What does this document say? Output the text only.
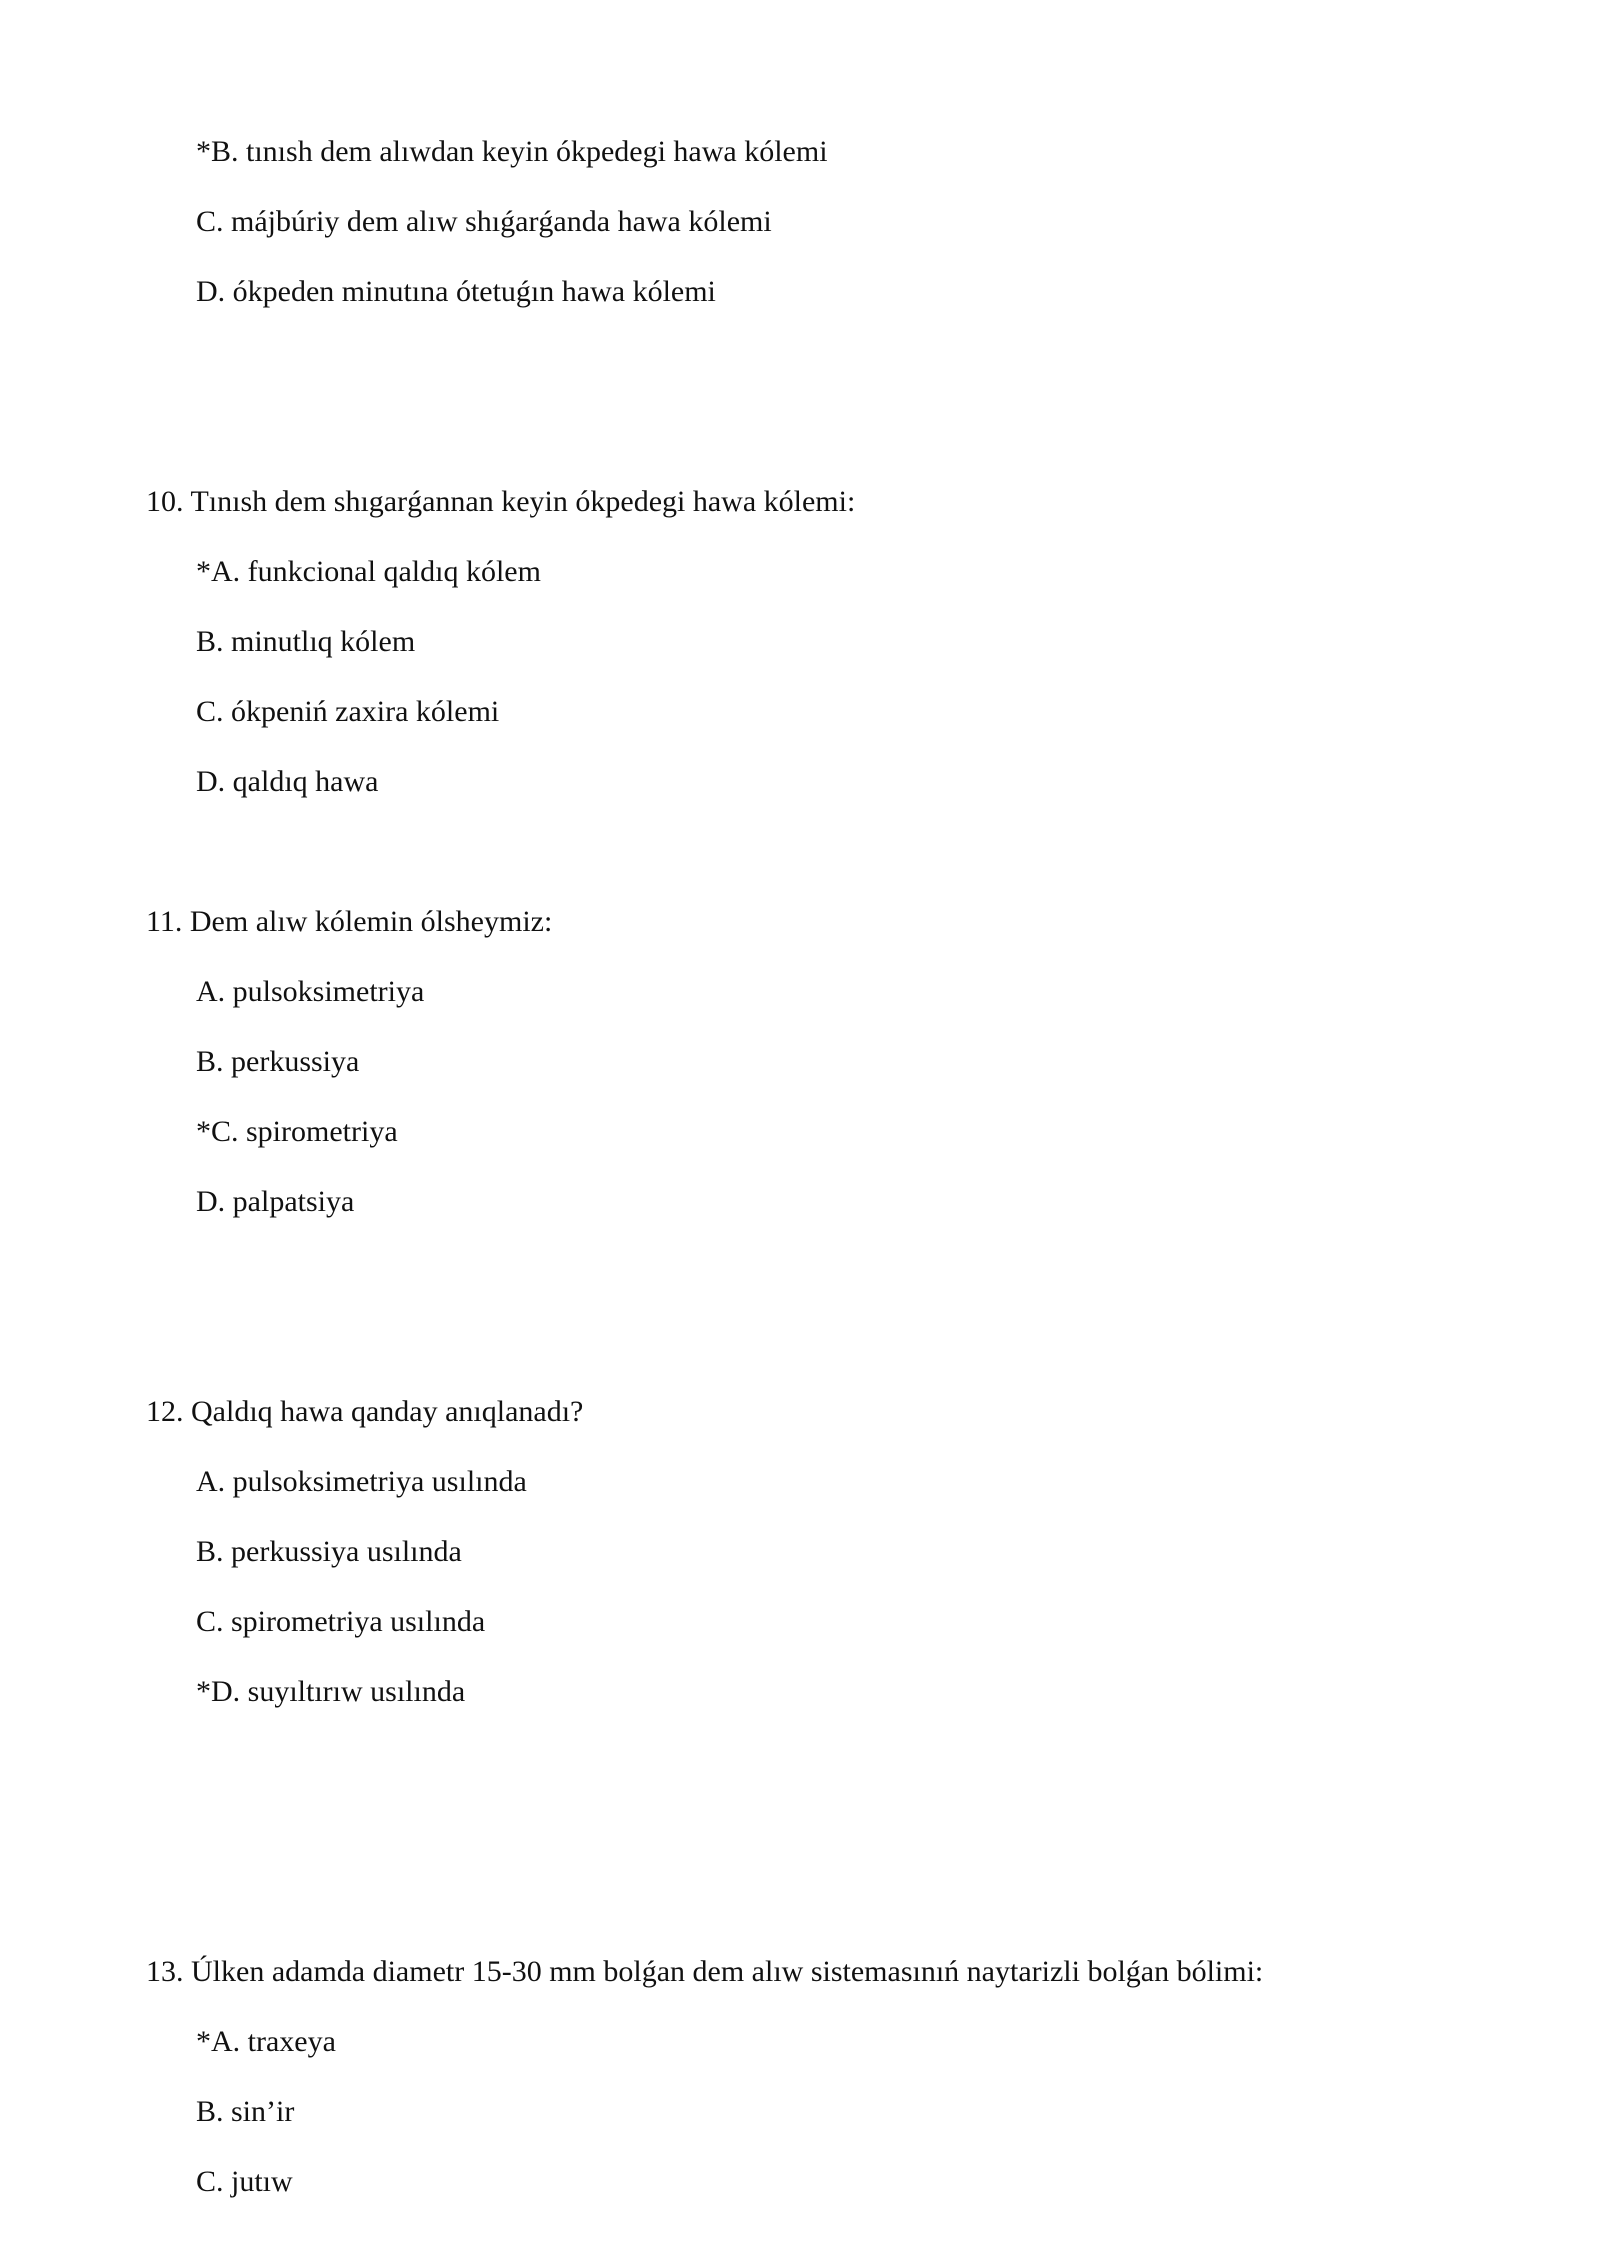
*B. tınısh dem alıwdan keyin ókpedegi hawa kólemi
C. májbúriy dem alıw shıǵarǵanda hawa kólemi
D. ókpeden minutına ótetuǵın hawa kólemi
10. Tınısh dem shıgarǵannan keyin ókpedegi hawa kólemi:
*A. funkcional qaldıq kólem
B. minutlıq kólem
C. ókpeniń zaxira kólemi
D. qaldıq hawa
11. Dem alıw kólemin ólsheymiz:
A. pulsoksimetriya
B. perkussiya
*C. spirometriya
D. palpatsiya
12. Qaldıq hawa qanday anıqlanadı?
A. pulsoksimetriya usılında
B. perkussiya usılında
C. spirometriya usılında
*D. suyıltırıw usılında
13. Úlken adamda diametr 15-30 mm bolǵan dem alıw sistemasınıń naytarizli bolǵan bólimi:
*A. traxeya
B. sin’ir
C. jutıw
